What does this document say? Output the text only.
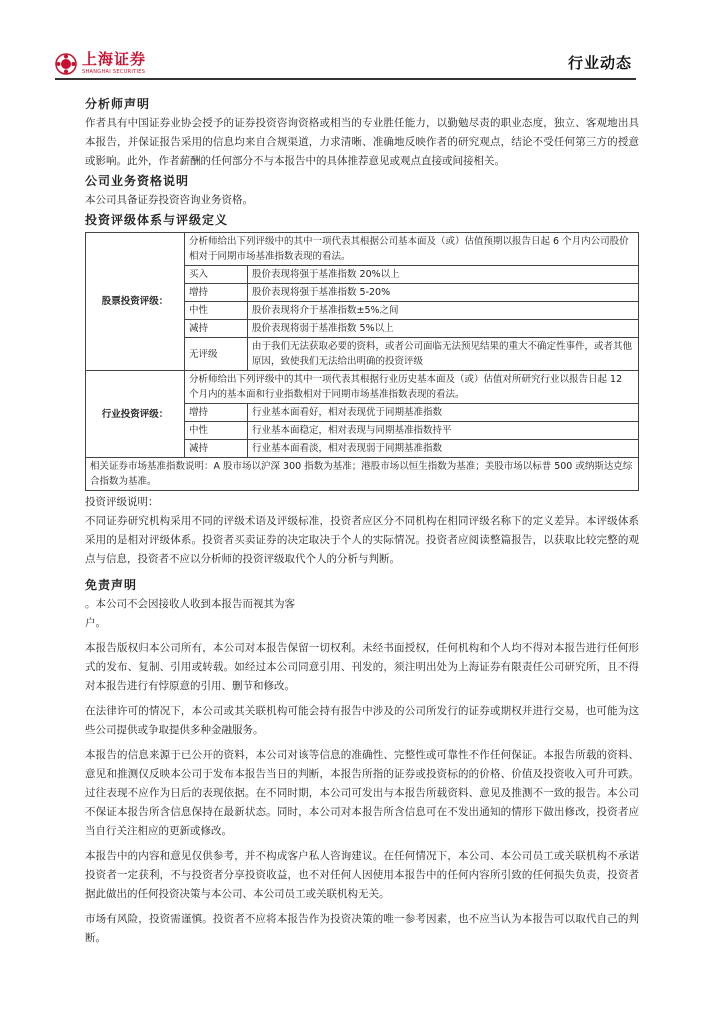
上海证券
SHANGHAI SECURITIES	行业动态

分析师声明

作者具有中国证券业协会授予的证券投资咨询资格或相当的专业胜任能力，以勤勉尽责的职业态度，独立、客观地出具本报告，并保证报告采用的信息均来自合规渠道，力求清晰、准确地反映作者的研究观点，结论不受任何第三方的授意或影响。此外，作者薪酬的任何部分不与本报告中的具体推荐意见或观点直接或间接相关。

公司业务资格说明

本公司具备证券投资咨询业务资格。

投资评级体系与评级定义

股票投资评级：	分析师给出下列评级中的其中一项代表其根据公司基本面及（或）估值预期以报告日起 6 个月内公司股价相对于同期市场基准指数表现的看法。	
	买入	股价表现将强于基准指数 20%以上
	增持	股价表现将强于基准指数 5-20%
	中性	股价表现将介于基准指数±5%之间
	减持	股价表现将弱于基准指数 5%以上
	无评级	由于我们无法获取必要的资料，或者公司面临无法预见结果的重大不确定性事件，或者其他原因，致使我们无法给出明确的投资评级
行业投资评级：	分析师给出下列评级中的其中一项代表其根据行业历史基本面及（或）估值对所研究行业以报告日起 12 个月内的基本面和行业指数相对于同期市场基准指数表现的看法。	
	增持	行业基本面看好，相对表现优于同期基准指数
	中性	行业基本面稳定，相对表现与同期基准指数持平
	减持	行业基本面看淡，相对表现弱于同期基准指数
相关证券市场基准指数说明：A 股市场以沪深 300 指数为基准；港股市场以恒生指数为基准；美股市场以标普 500 或纳斯达克综合指数为基准。		

投资评级说明：

不同证券研究机构采用不同的评级术语及评级标准，投资者应区分不同机构在相同评级名称下的定义差异。本评级体系采用的是相对评级体系。投资者买卖证券的决定取决于个人的实际情况。投资者应阅读整篇报告，以获取比较完整的观点与信息，投资者不应以分析师的投资评级取代个人的分析与判断。

免责声明

。本公司不会因接收人收到本报告而视其为客

户。

本报告版权归本公司所有，本公司对本报告保留一切权利。未经书面授权，任何机构和个人均不得对本报告进行任何形式的发布、复制、引用或转载。如经过本公司同意引用、刊发的，须注明出处为上海证券有限责任公司研究所，且不得对本报告进行有悖原意的引用、删节和修改。

在法律许可的情况下，本公司或其关联机构可能会持有报告中涉及的公司所发行的证券或期权并进行交易，也可能为这些公司提供或争取提供多种金融服务。

本报告的信息来源于已公开的资料，本公司对该等信息的准确性、完整性或可靠性不作任何保证。本报告所载的资料、意见和推测仅反映本公司于发布本报告当日的判断，本报告所指的证券或投资标的的价格、价值及投资收入可升可跌。过往表现不应作为日后的表现依据。在不同时期，本公司可发出与本报告所载资料、意见及推测不一致的报告。本公司不保证本报告所含信息保持在最新状态。同时，本公司对本报告所含信息可在不发出通知的情形下做出修改，投资者应当自行关注相应的更新或修改。

本报告中的内容和意见仅供参考，并不构成客户私人咨询建议。在任何情况下，本公司、本公司员工或关联机构不承诺投资者一定获利，不与投资者分享投资收益，也不对任何人因使用本报告中的任何内容所引致的任何损失负责，投资者据此做出的任何投资决策与本公司、本公司员工或关联机构无关。

市场有风险，投资需谨慎。投资者不应将本报告作为投资决策的唯一参考因素，也不应当认为本报告可以取代自己的判断。
